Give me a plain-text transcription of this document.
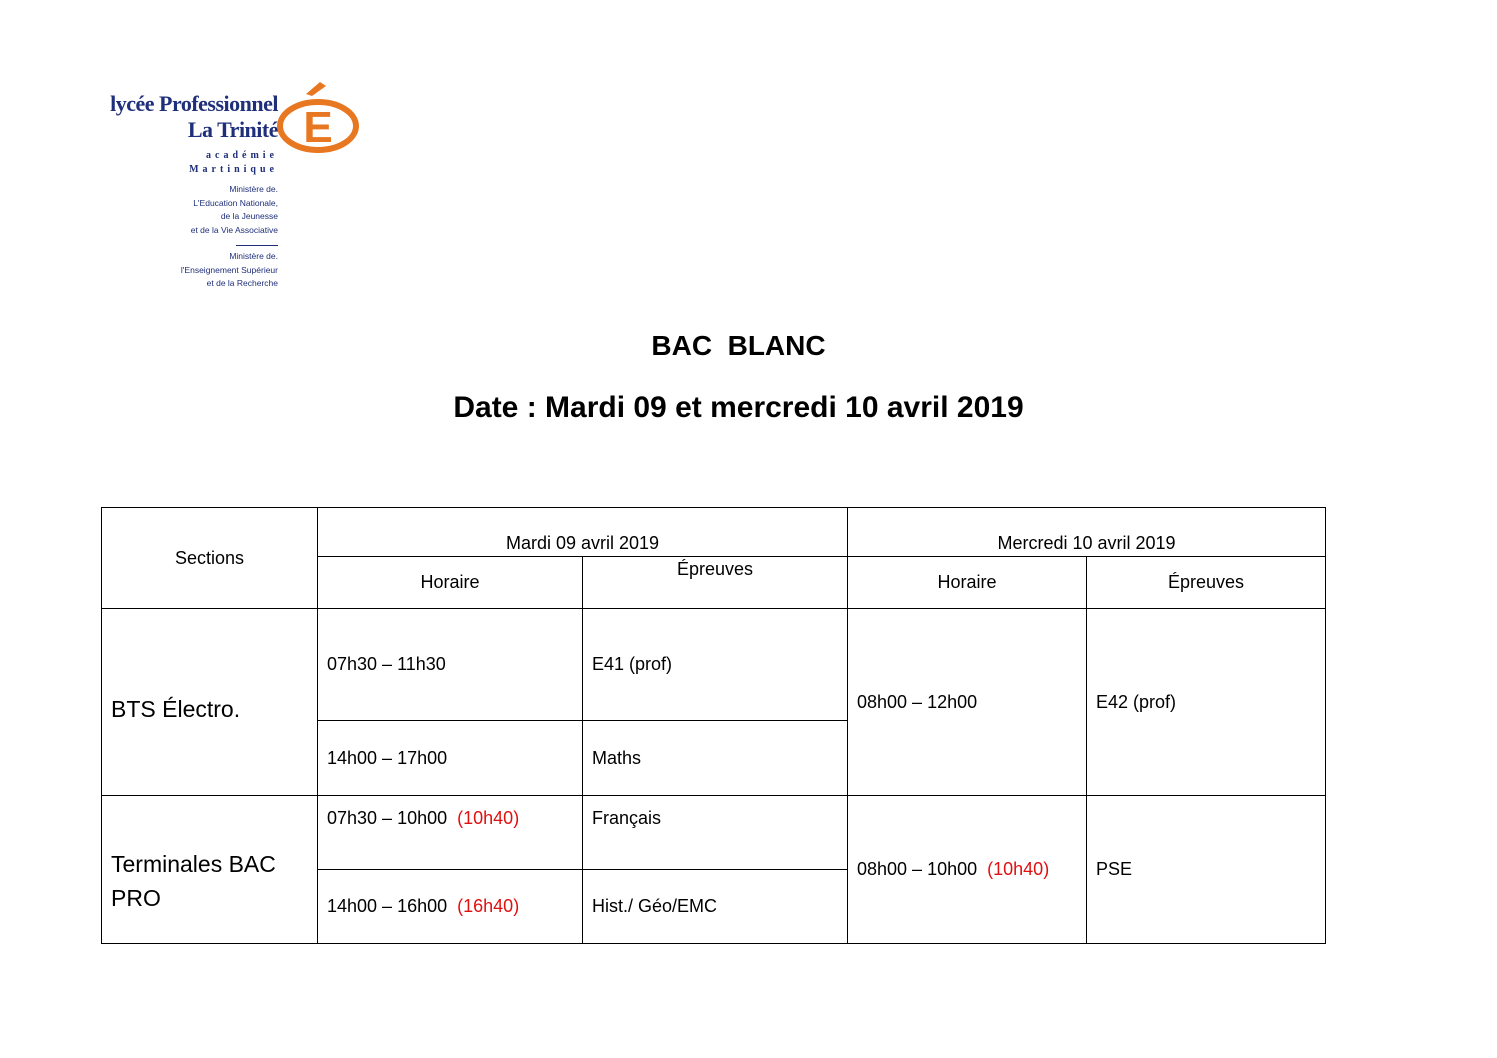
lycée Professionnel
La Trinité E
académie
Martinique
Ministère de.
L'Education Nationale,
de la Jeunesse
et de la Vie Associative
Ministère de.
l'Enseignement Supérieur
et de la Recherche
BAC  BLANC
Date : Mardi 09 et mercredi 10 avril 2019
Sections	Mardi 09 avril 2019		Mercredi 10 avril 2019	
	Horaire	Épreuves	Horaire	Épreuves
BTS Électro.	07h30 – 11h30	E41 (prof)	08h00 – 12h00	E42 (prof)
	14h00 – 17h00	Maths		
Terminales BAC PRO	07h30 – 10h00 (10h40)	Français	08h00 – 10h00 (10h40)	PSE
	14h00 – 16h00 (16h40)	Hist./ Géo/EMC		
